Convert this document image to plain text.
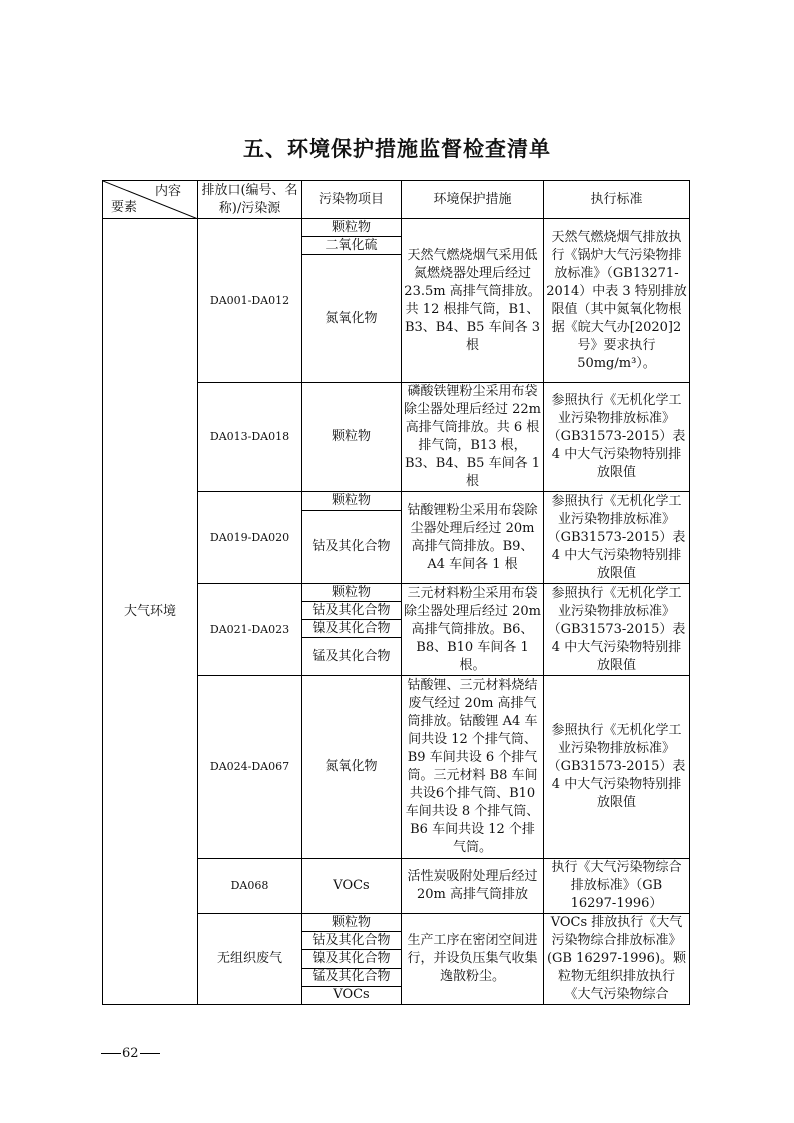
五、环境保护措施监督检查清单
内容
要素	排放口(编号、名称)/污染源	污染物项目	环境保护措施	执行标准
大气环境	DA001-DA012	颗粒物	天然气燃烧烟气采用低氮燃烧器处理后经过 23.5m 高排气筒排放。共 12 根排气筒，B1、B3、B4、B5 车间各 3 根	天然气燃烧烟气排放执行《锅炉大气污染物排放标准》（GB13271-2014）中表 3 特别排放限值（其中氮氧化物根据《皖大气办[2020]2号》要求执行 50mg/m³）。
		二氧化硫		
		氮氧化物		
	DA013-DA018	颗粒物	磷酸铁锂粉尘采用布袋除尘器处理后经过 22m 高排气筒排放。共 6 根排气筒，B13 根，B3、B4、B5 车间各 1 根	参照执行《无机化学工业污染物排放标准》（GB31573-2015）表 4 中大气污染物特别排放限值
	DA019-DA020	颗粒物	钴酸锂粉尘采用布袋除尘器处理后经过 20m 高排气筒排放。B9、A4 车间各 1 根	参照执行《无机化学工业污染物排放标准》（GB31573-2015）表 4 中大气污染物特别排放限值
		钴及其化合物		
	DA021-DA023	颗粒物	三元材料粉尘采用布袋除尘器处理后经过 20m 高排气筒排放。B6、B8、B10 车间各 1 根。	参照执行《无机化学工业污染物排放标准》（GB31573-2015）表 4 中大气污染物特别排放限值
		钴及其化合物		
		镍及其化合物		
		锰及其化合物		
	DA024-DA067	氮氧化物	钴酸锂、三元材料烧结废气经过 20m 高排气筒排放。钴酸锂 A4 车间共设 12 个排气筒、B9 车间共设 6 个排气筒。三元材料 B8 车间共设6个排气筒、B10 车间共设 8 个排气筒、B6 车间共设 12 个排气筒。	参照执行《无机化学工业污染物排放标准》（GB31573-2015）表 4 中大气污染物特别排放限值
	DA068	VOCs	活性炭吸附处理后经过 20m 高排气筒排放	执行《大气污染物综合排放标准》（GB 16297-1996）
	无组织废气	颗粒物	生产工序在密闭空间进行，并设负压集气收集逸散粉尘。	VOCs 排放执行《大气污染物综合排放标准》(GB 16297-1996)。颗粒物无组织排放执行《大气污染物综合
		钴及其化合物		
		镍及其化合物		
		锰及其化合物		
		VOCs		
62
